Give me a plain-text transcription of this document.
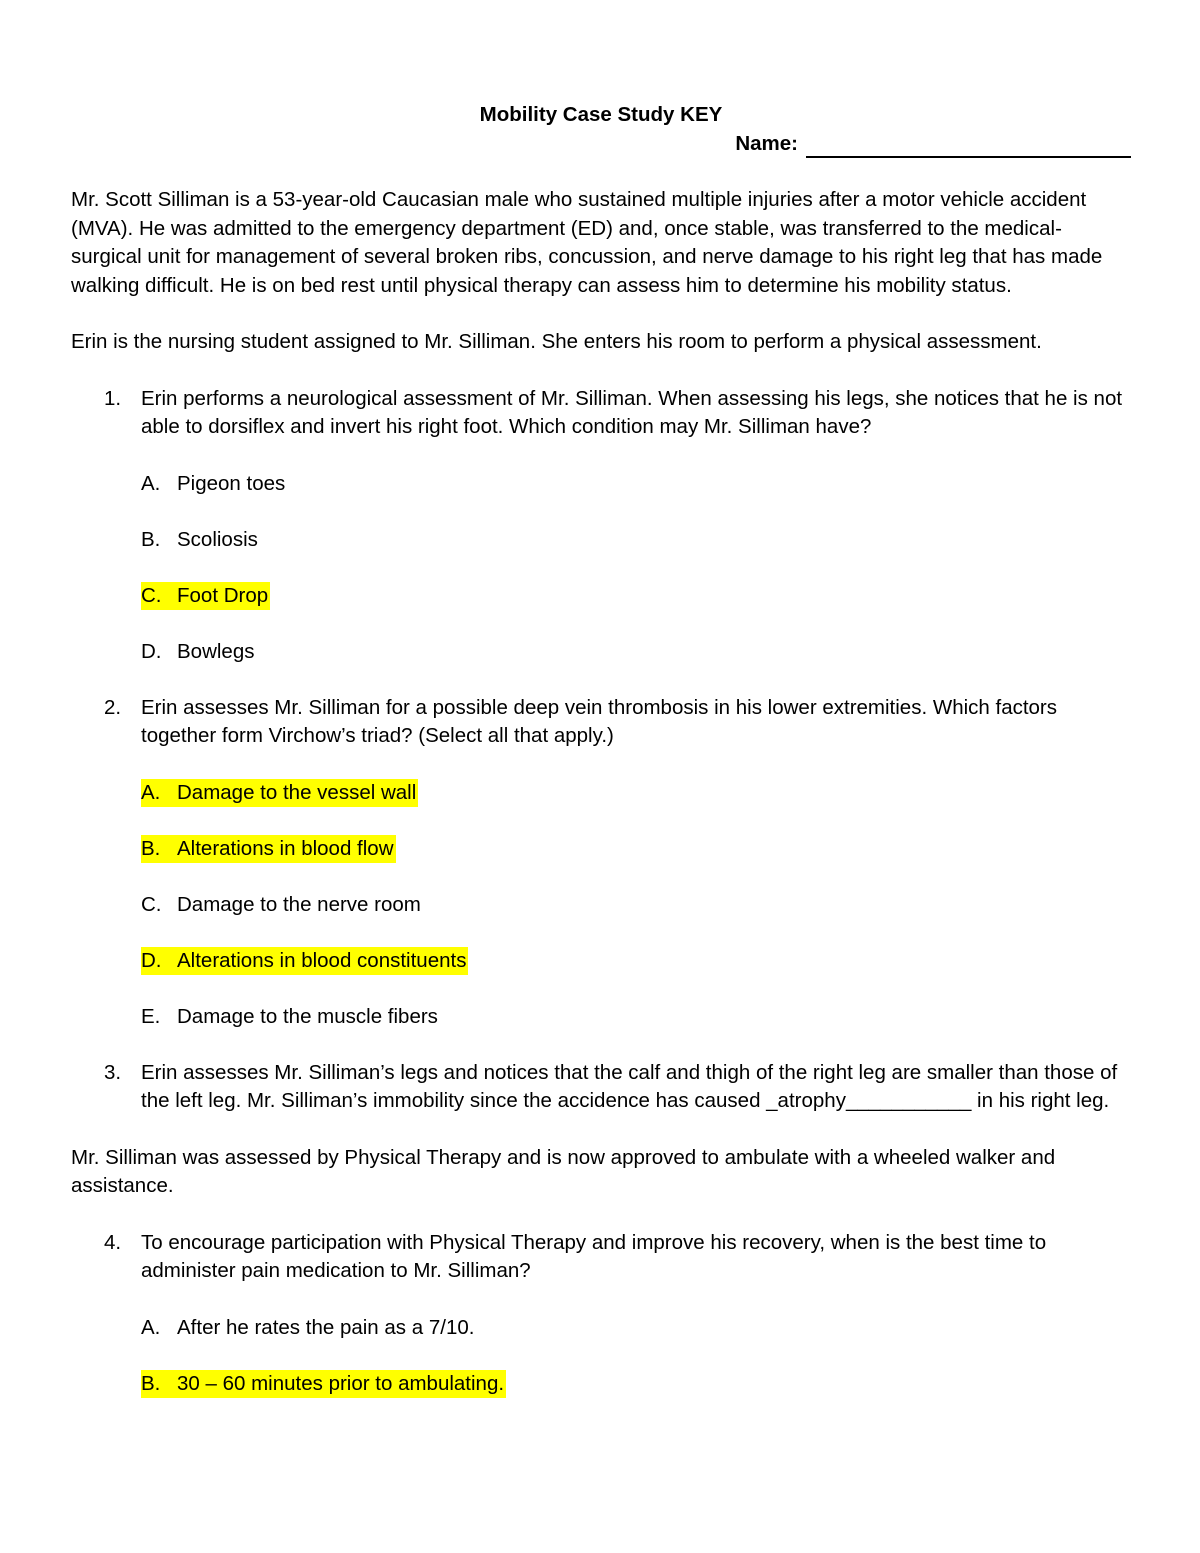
Mobility Case Study KEY

Name:

Mr. Scott Silliman is a 53-year-old Caucasian male who sustained multiple injuries after a motor vehicle accident (MVA). He was admitted to the emergency department (ED) and, once stable, was transferred to the medical-surgical unit for management of several broken ribs, concussion, and nerve damage to his right leg that has made walking difficult. He is on bed rest until physical therapy can assess him to determine his mobility status.

Erin is the nursing student assigned to Mr. Silliman. She enters his room to perform a physical assessment.

1. Erin performs a neurological assessment of Mr. Silliman. When assessing his legs, she notices that he is not able to dorsiflex and invert his right foot. Which condition may Mr. Silliman have?
A. Pigeon toes
B. Scoliosis
C. Foot Drop
D. Bowlegs
2. Erin assesses Mr. Silliman for a possible deep vein thrombosis in his lower extremities. Which factors together form Virchow’s triad? (Select all that apply.)
A. Damage to the vessel wall
B. Alterations in blood flow
C. Damage to the nerve room
D. Alterations in blood constituents
E. Damage to the muscle fibers
3. Erin assesses Mr. Silliman’s legs and notices that the calf and thigh of the right leg are smaller than those of the left leg. Mr. Silliman’s immobility since the accidence has caused _atrophy___________ in his right leg.

Mr. Silliman was assessed by Physical Therapy and is now approved to ambulate with a wheeled walker and assistance.

4. To encourage participation with Physical Therapy and improve his recovery, when is the best time to administer pain medication to Mr. Silliman?
A. After he rates the pain as a 7/10.
B. 30 – 60 minutes prior to ambulating.
